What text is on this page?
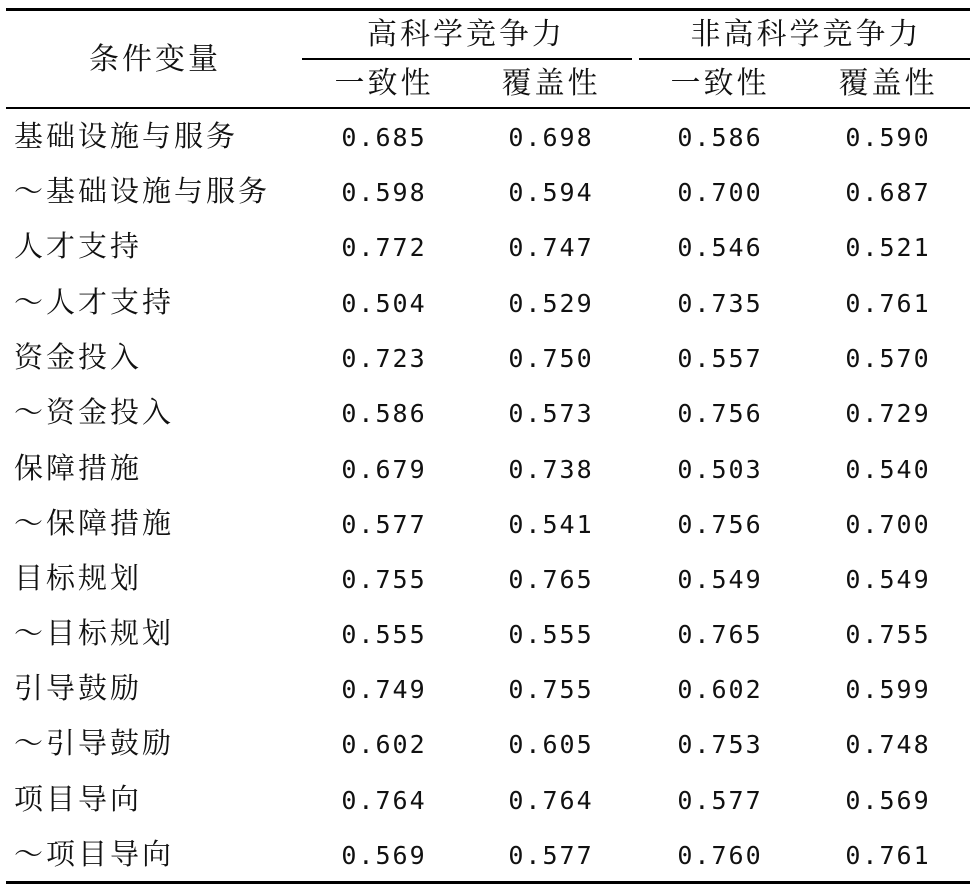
条件变量
高科学竞争力	非高科学竞争力
一致性 覆盖性 一致性 覆盖性
基础设施与服务	0.685	0.698	0.586	0.590
～基础设施与服务	0.598	0.594	0.700	0.687
人才支持	0.772	0.747	0.546	0.521
～人才支持	0.504	0.529	0.735	0.761
资金投入	0.723	0.750	0.557	0.570
～资金投入	0.586	0.573	0.756	0.729
保障措施	0.679	0.738	0.503	0.540
～保障措施	0.577	0.541	0.756	0.700
目标规划	0.755	0.765	0.549	0.549
～目标规划	0.555	0.555	0.765	0.755
引导鼓励	0.749	0.755	0.602	0.599
～引导鼓励	0.602	0.605	0.753	0.748
项目导向	0.764	0.764	0.577	0.569
～项目导向	0.569	0.577	0.760	0.761
